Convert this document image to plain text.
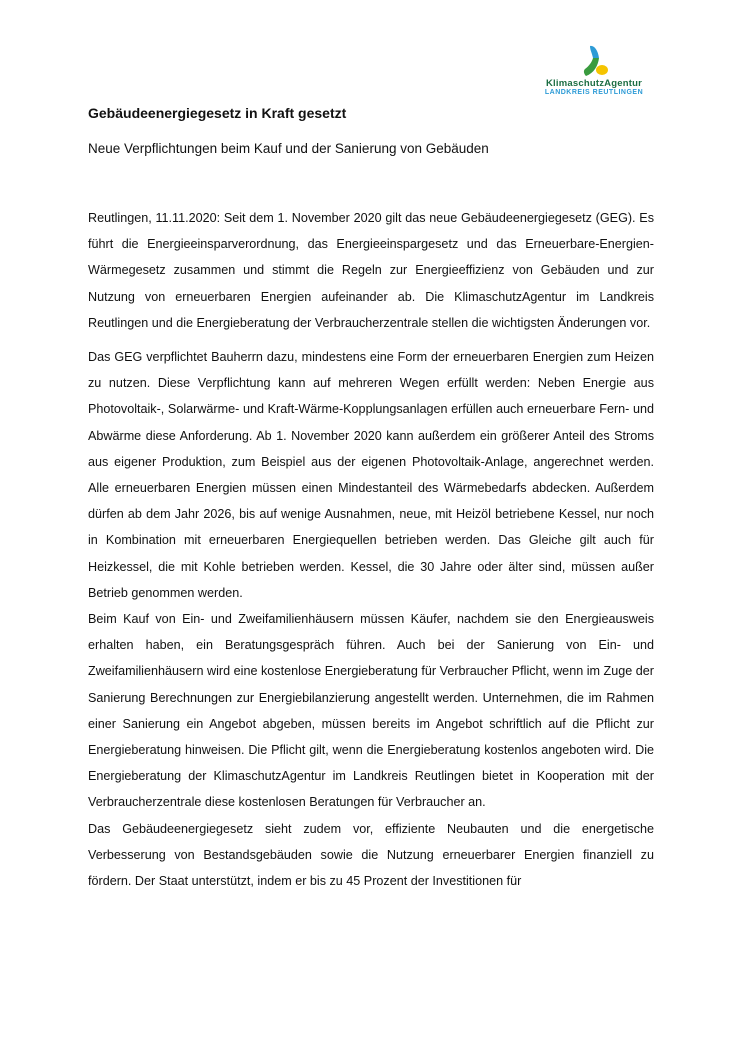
KlimaschutzAgentur
LANDKREIS REUTLINGEN
Gebäudeenergiegesetz in Kraft gesetzt
Neue Verpflichtungen beim Kauf und der Sanierung von Gebäuden

Reutlingen, 11.11.2020: Seit dem 1. November 2020 gilt das neue Gebäudeenergiegesetz (GEG). Es führt die Energieeinsparverordnung, das Energieeinspargesetz und das Erneuerbare-Energien-Wärmegesetz zusammen und stimmt die Regeln zur Energieeffizienz von Gebäuden und zur Nutzung von erneuerbaren Energien aufeinander ab. Die KlimaschutzAgentur im Landkreis Reutlingen und die Energieberatung der Verbraucherzentrale stellen die wichtigsten Änderungen vor.

Das GEG verpflichtet Bauherrn dazu, mindestens eine Form der erneuerbaren Energien zum Heizen zu nutzen. Diese Verpflichtung kann auf mehreren Wegen erfüllt werden: Neben Energie aus Photovoltaik-, Solarwärme- und Kraft-Wärme-Kopplungsanlagen erfüllen auch erneuerbare Fern- und Abwärme diese Anforderung. Ab 1. November 2020 kann außerdem ein größerer Anteil des Stroms aus eigener Produktion, zum Beispiel aus der eigenen Photovoltaik-Anlage, angerechnet werden. Alle erneuerbaren Energien müssen einen Mindestanteil des Wärmebedarfs abdecken. Außerdem dürfen ab dem Jahr 2026, bis auf wenige Ausnahmen, neue, mit Heizöl betriebene Kessel, nur noch in Kombination mit erneuerbaren Energiequellen betrieben werden. Das Gleiche gilt auch für Heizkessel, die mit Kohle betrieben werden. Kessel, die 30 Jahre oder älter sind, müssen außer Betrieb genommen werden.

Beim Kauf von Ein- und Zweifamilienhäusern müssen Käufer, nachdem sie den Energieausweis erhalten haben, ein Beratungsgespräch führen. Auch bei der Sanierung von Ein- und Zweifamilienhäusern wird eine kostenlose Energieberatung für Verbraucher Pflicht, wenn im Zuge der Sanierung Berechnungen zur Energiebilanzierung angestellt werden. Unternehmen, die im Rahmen einer Sanierung ein Angebot abgeben, müssen bereits im Angebot schriftlich auf die Pflicht zur Energieberatung hinweisen. Die Pflicht gilt, wenn die Energieberatung kostenlos angeboten wird. Die Energieberatung der KlimaschutzAgentur im Landkreis Reutlingen bietet in Kooperation mit der Verbraucherzentrale diese kostenlosen Beratungen für Verbraucher an.

Das Gebäudeenergiegesetz sieht zudem vor, effiziente Neubauten und die energetische Verbesserung von Bestandsgebäuden sowie die Nutzung erneuerbarer Energien finanziell zu fördern. Der Staat unterstützt, indem er bis zu 45 Prozent der Investitionen für
